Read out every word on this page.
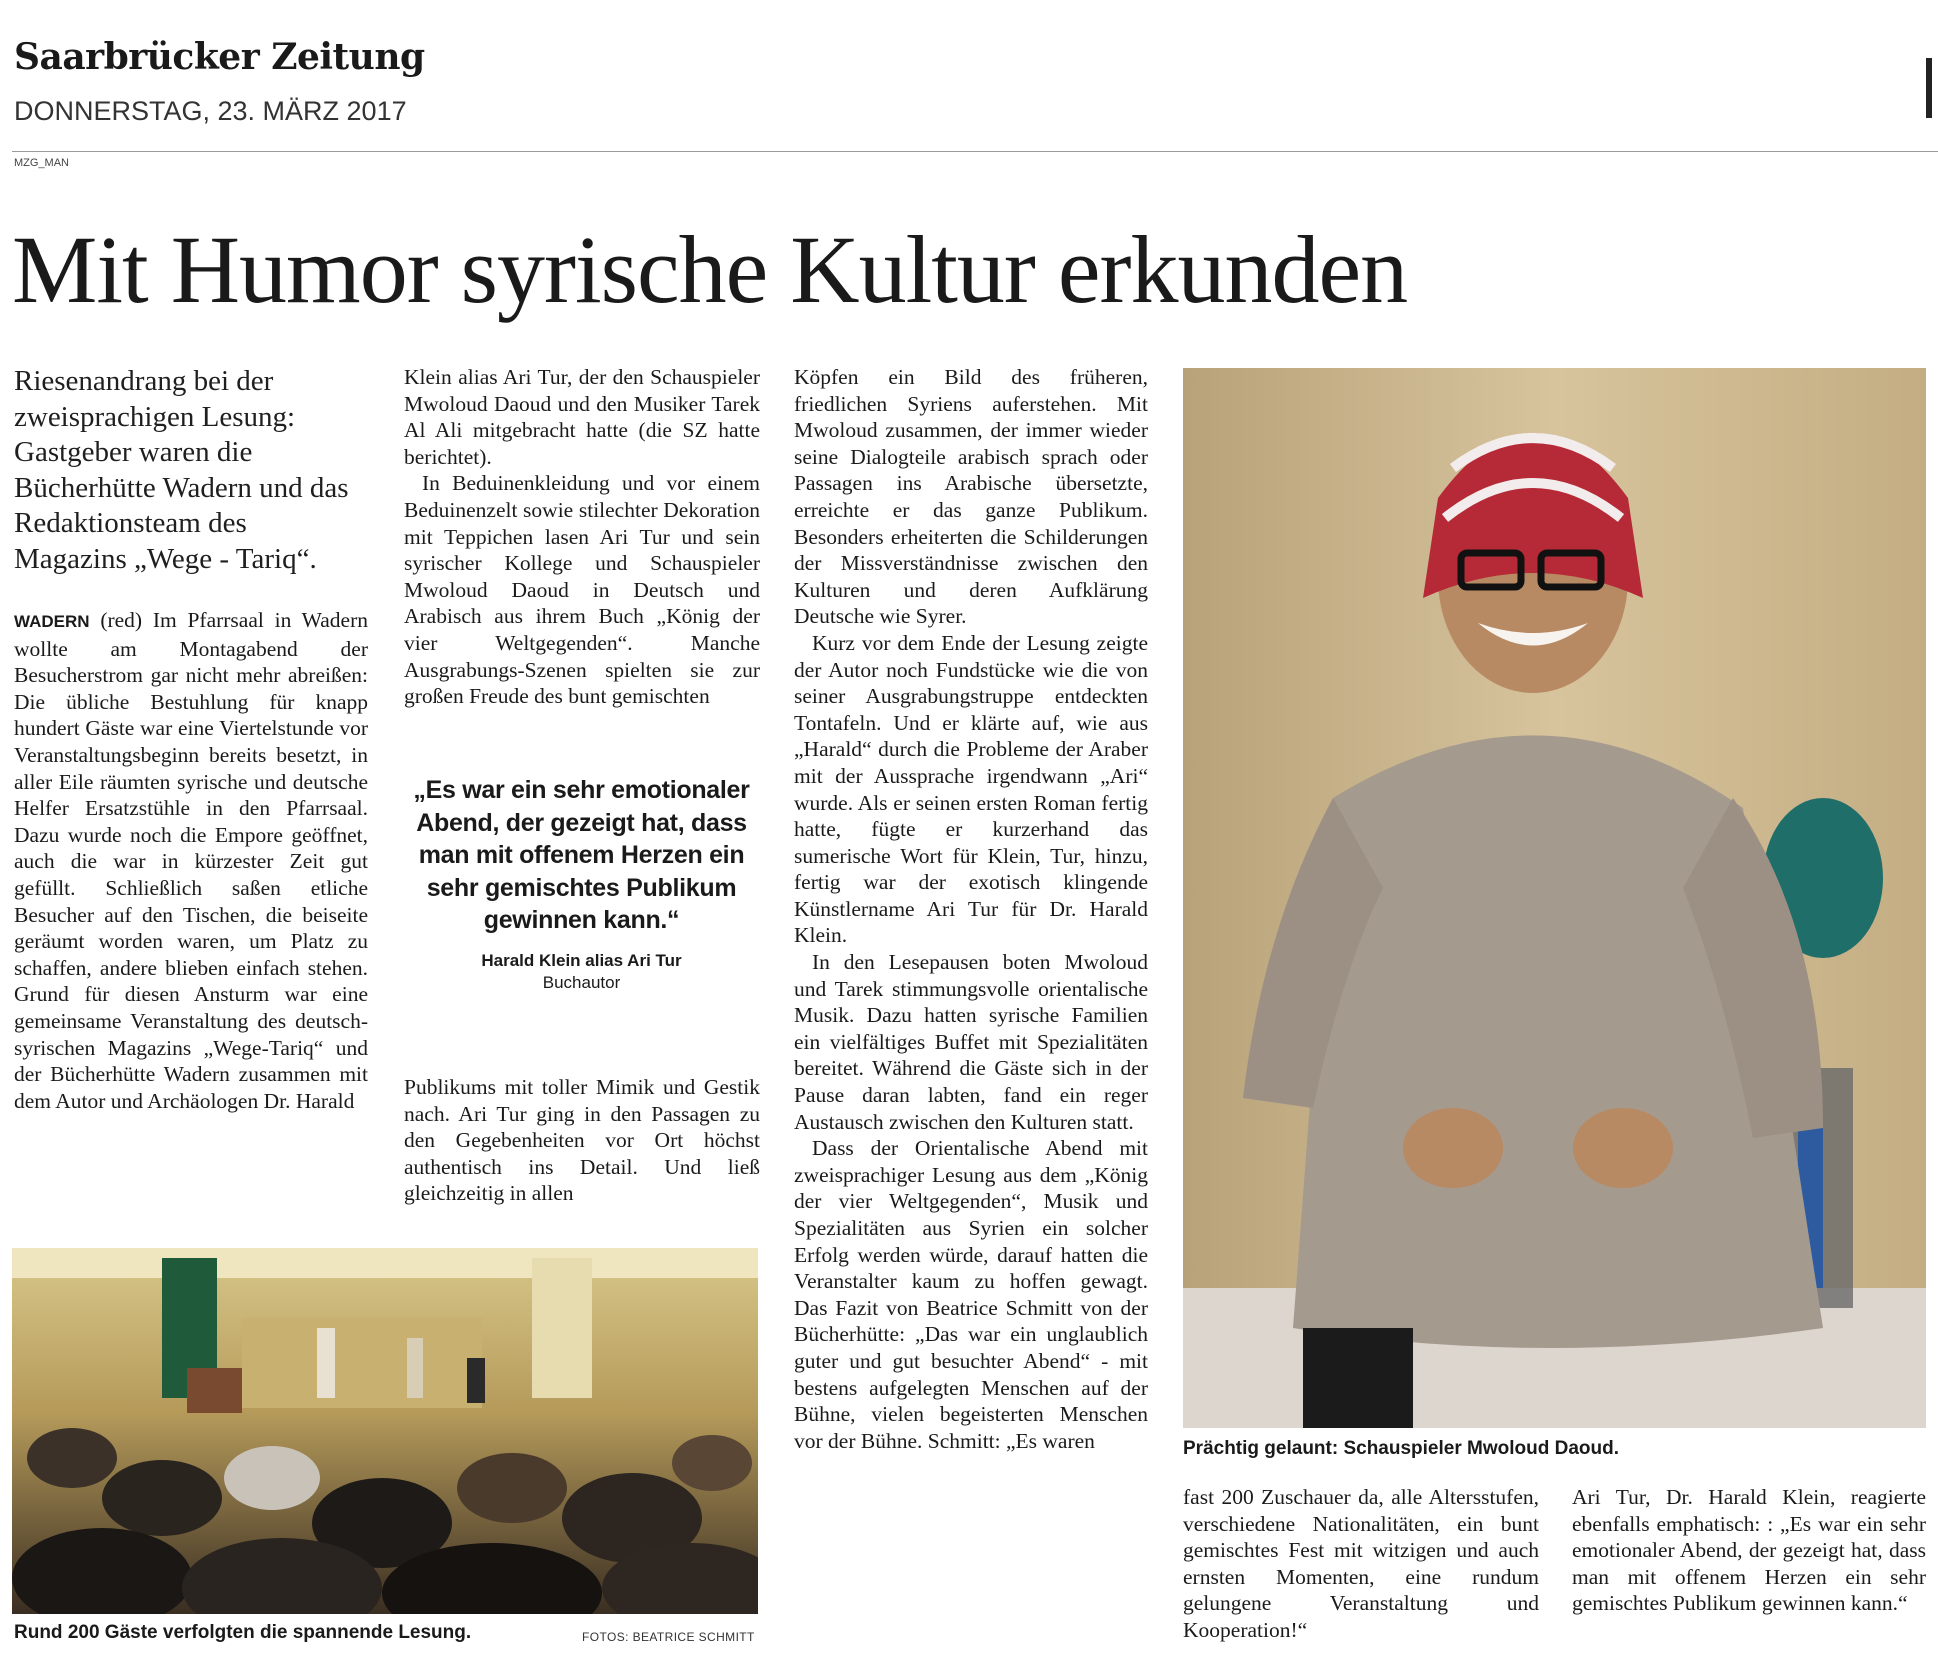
Saarbrücker Zeitung
DONNERSTAG, 23. MÄRZ 2017
MZG_MAN
Mit Humor syrische Kultur erkunden
Riesenandrang bei der zweisprachigen Lesung: Gastgeber waren die Bücherhütte Wadern und das Redaktionsteam des Magazins „Wege - Tariq“.

WADERN (red) Im Pfarrsaal in Wadern wollte am Montagabend der Besucherstrom gar nicht mehr abreißen: Die übliche Bestuhlung für knapp hundert Gäste war eine Viertelstunde vor Veranstaltungsbeginn bereits besetzt, in aller Eile räumten syrische und deutsche Helfer Ersatzstühle in den Pfarrsaal. Dazu wurde noch die Empore geöffnet, auch die war in kürzester Zeit gut gefüllt. Schließlich saßen etliche Besucher auf den Tischen, die beiseite geräumt worden waren, um Platz zu schaffen, andere blieben einfach stehen. Grund für diesen Ansturm war eine gemeinsame Veranstaltung des deutsch-syrischen Magazins „Wege-Tariq“ und der Bücherhütte Wadern zusammen mit dem Autor und Archäologen Dr. Harald

Klein alias Ari Tur, der den Schauspieler Mwoloud Daoud und den Musiker Tarek Al Ali mitgebracht hatte (die SZ hatte berichtet).

In Beduinenkleidung und vor einem Beduinenzelt sowie stilechter Dekoration mit Teppichen lasen Ari Tur und sein syrischer Kollege und Schauspieler Mwoloud Daoud in Deutsch und Arabisch aus ihrem Buch „König der vier Weltgegenden“. Manche Ausgrabungs-Szenen spielten sie zur großen Freude des bunt gemischten

„Es war ein sehr emotionaler Abend, der gezeigt hat, dass man mit offenem Herzen ein sehr gemischtes Publikum gewinnen kann.“
Harald Klein alias Ari Tur
Buchautor

Publikums mit toller Mimik und Gestik nach. Ari Tur ging in den Passagen zu den Gegebenheiten vor Ort höchst authentisch ins Detail. Und ließ gleichzeitig in allen

Köpfen ein Bild des früheren, friedlichen Syriens auferstehen. Mit Mwoloud zusammen, der immer wieder seine Dialogteile arabisch sprach oder Passagen ins Arabische übersetzte, erreichte er das ganze Publikum. Besonders erheiterten die Schilderungen der Missverständnisse zwischen den Kulturen und deren Aufklärung Deutsche wie Syrer.

Kurz vor dem Ende der Lesung zeigte der Autor noch Fundstücke wie die von seiner Ausgrabungstruppe entdeckten Tontafeln. Und er klärte auf, wie aus „Harald“ durch die Probleme der Araber mit der Aussprache irgendwann „Ari“ wurde. Als er seinen ersten Roman fertig hatte, fügte er kurzerhand das sumerische Wort für Klein, Tur, hinzu, fertig war der exotisch klingende Künstlername Ari Tur für Dr. Harald Klein.

In den Lesepausen boten Mwoloud und Tarek stimmungsvolle orientalische Musik. Dazu hatten syrische Familien ein vielfältiges Buffet mit Spezialitäten bereitet. Während die Gäste sich in der Pause daran labten, fand ein reger Austausch zwischen den Kulturen statt.

Dass der Orientalische Abend mit zweisprachiger Lesung aus dem „König der vier Weltgegenden“, Musik und Spezialitäten aus Syrien ein solcher Erfolg werden würde, darauf hatten die Veranstalter kaum zu hoffen gewagt. Das Fazit von Beatrice Schmitt von der Bücherhütte: „Das war ein unglaublich guter und gut besuchter Abend“ - mit bestens aufgelegten Menschen auf der Bühne, vielen begeisterten Menschen vor der Bühne. Schmitt: „Es waren

fast 200 Zuschauer da, alle Altersstufen, verschiedene Nationalitäten, ein bunt gemischtes Fest mit witzigen und auch ernsten Momenten, eine rundum gelungene Veranstaltung und Kooperation!“

Ari Tur, Dr. Harald Klein, reagierte ebenfalls emphatisch: : „Es war ein sehr emotionaler Abend, der gezeigt hat, dass man mit offenem Herzen ein sehr gemischtes Publikum gewinnen kann.“

Rund 200 Gäste verfolgten die spannende Lesung.	FOTOS: BEATRICE SCHMITT
Prächtig gelaunt: Schauspieler Mwoloud Daoud.
